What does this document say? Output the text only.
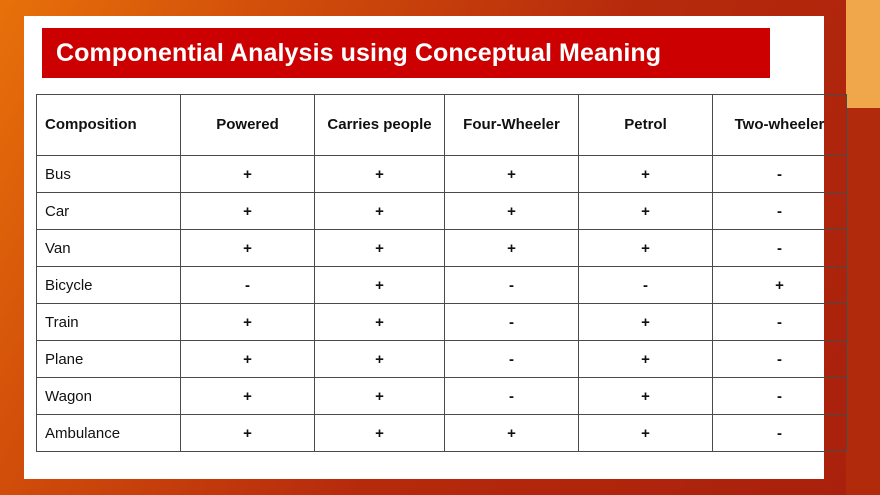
Componential Analysis using Conceptual Meaning
Composition	Powered	Carries people	Four-Wheeler	Petrol	Two-wheeler
Bus	+	+	+	+	-
Car	+	+	+	+	-
Van	+	+	+	+	-
Bicycle	-	+	-	-	+
Train	+	+	-	+	-
Plane	+	+	-	+	-
Wagon	+	+	-	+	-
Ambulance	+	+	+	+	-
